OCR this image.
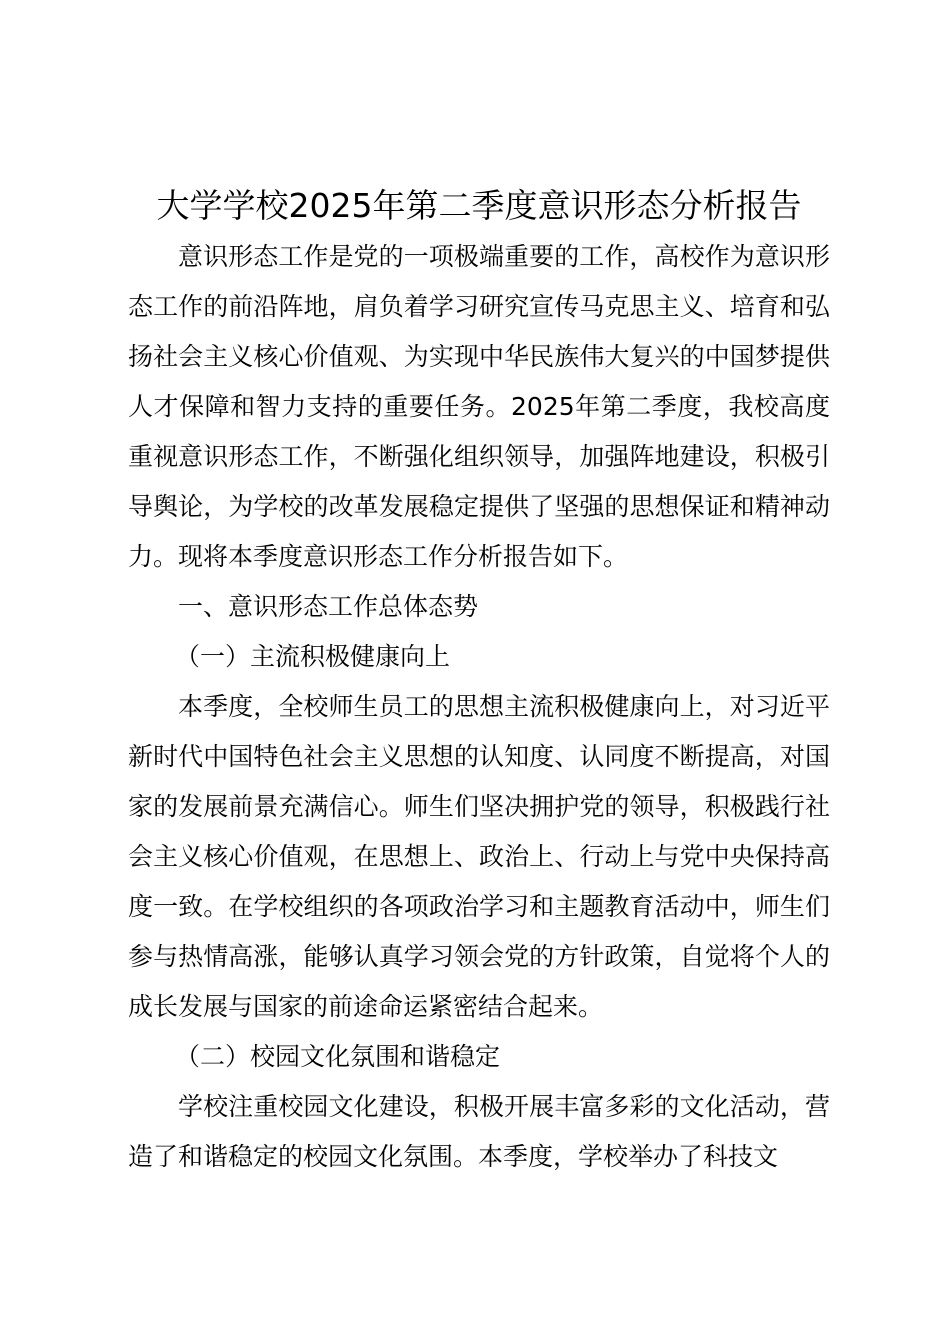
大学学校2025年第二季度意识形态分析报告

意识形态工作是党的一项极端重要的工作，高校作为意识形态工作的前沿阵地，肩负着学习研究宣传马克思主义、培育和弘扬社会主义核心价值观、为实现中华民族伟大复兴的中国梦提供人才保障和智力支持的重要任务。2025年第二季度，我校高度重视意识形态工作，不断强化组织领导，加强阵地建设，积极引导舆论，为学校的改革发展稳定提供了坚强的思想保证和精神动力。现将本季度意识形态工作分析报告如下。

一、意识形态工作总体态势

（一）主流积极健康向上

本季度，全校师生员工的思想主流积极健康向上，对习近平新时代中国特色社会主义思想的认知度、认同度不断提高，对国家的发展前景充满信心。师生们坚决拥护党的领导，积极践行社会主义核心价值观，在思想上、政治上、行动上与党中央保持高度一致。在学校组织的各项政治学习和主题教育活动中，师生们参与热情高涨，能够认真学习领会党的方针政策，自觉将个人的成长发展与国家的前途命运紧密结合起来。

（二）校园文化氛围和谐稳定

学校注重校园文化建设，积极开展丰富多彩的文化活动，营造了和谐稳定的校园文化氛围。本季度，学校举办了科技文
